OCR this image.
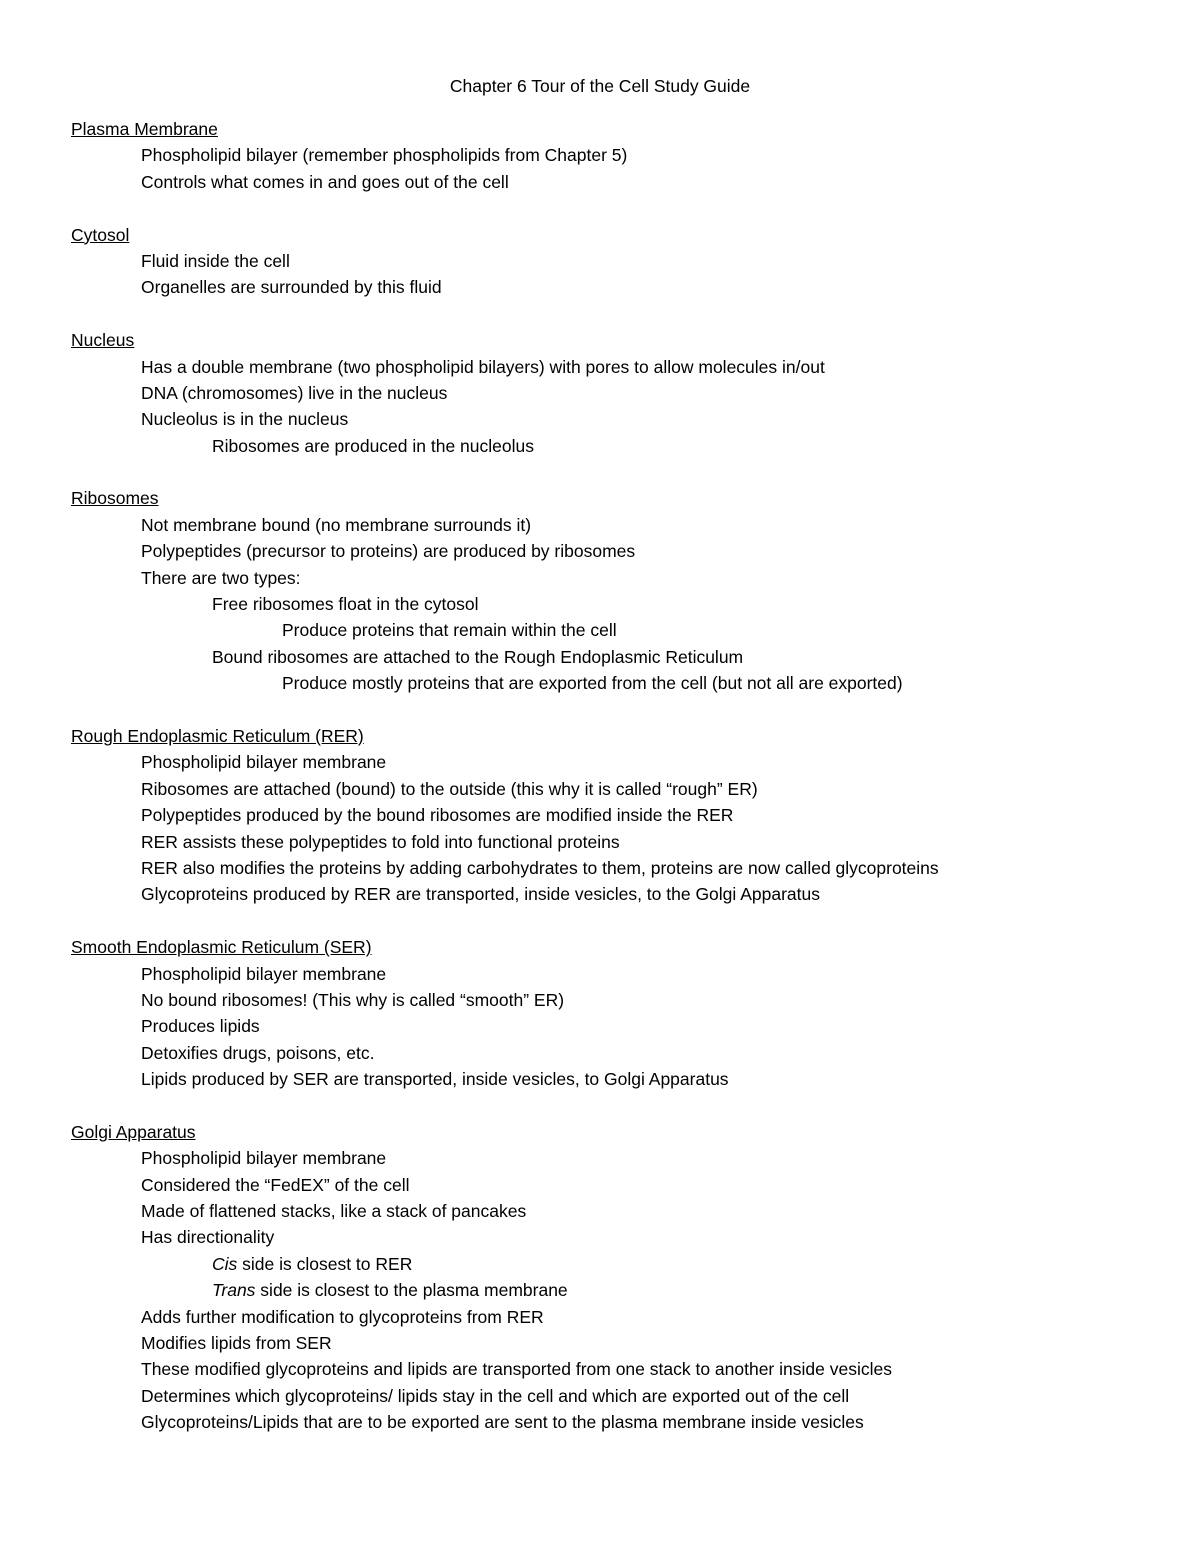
Chapter 6 Tour of the Cell Study Guide
Plasma Membrane
Phospholipid bilayer (remember phospholipids from Chapter 5)
Controls what comes in and goes out of the cell
Cytosol
Fluid inside the cell
Organelles are surrounded by this fluid
Nucleus
Has a double membrane (two phospholipid bilayers) with pores to allow molecules in/out
DNA (chromosomes) live in the nucleus
Nucleolus is in the nucleus
Ribosomes are produced in the nucleolus
Ribosomes
Not membrane bound (no membrane surrounds it)
Polypeptides (precursor to proteins) are produced by ribosomes
There are two types:
Free ribosomes float in the cytosol
Produce proteins that remain within the cell
Bound ribosomes are attached to the Rough Endoplasmic Reticulum
Produce mostly proteins that are exported from the cell (but not all are exported)
Rough Endoplasmic Reticulum (RER)
Phospholipid bilayer membrane
Ribosomes are attached (bound) to the outside (this why it is called “rough” ER)
Polypeptides produced by the bound ribosomes are modified inside the RER
RER assists these polypeptides to fold into functional proteins
RER also modifies the proteins by adding carbohydrates to them, proteins are now called glycoproteins
Glycoproteins produced by RER are transported, inside vesicles, to the Golgi Apparatus
Smooth Endoplasmic Reticulum (SER)
Phospholipid bilayer membrane
No bound ribosomes! (This why is called “smooth” ER)
Produces lipids
Detoxifies drugs, poisons, etc.
Lipids produced by SER are transported, inside vesicles, to Golgi Apparatus
Golgi Apparatus
Phospholipid bilayer membrane
Considered the “FedEX” of the cell
Made of flattened stacks, like a stack of pancakes
Has directionality
Cis side is closest to RER
Trans side is closest to the plasma membrane
Adds further modification to glycoproteins from RER
Modifies lipids from SER
These modified glycoproteins and lipids are transported from one stack to another inside vesicles
Determines which glycoproteins/ lipids stay in the cell and which are exported out of the cell
Glycoproteins/Lipids that are to be exported are sent to the plasma membrane inside vesicles
